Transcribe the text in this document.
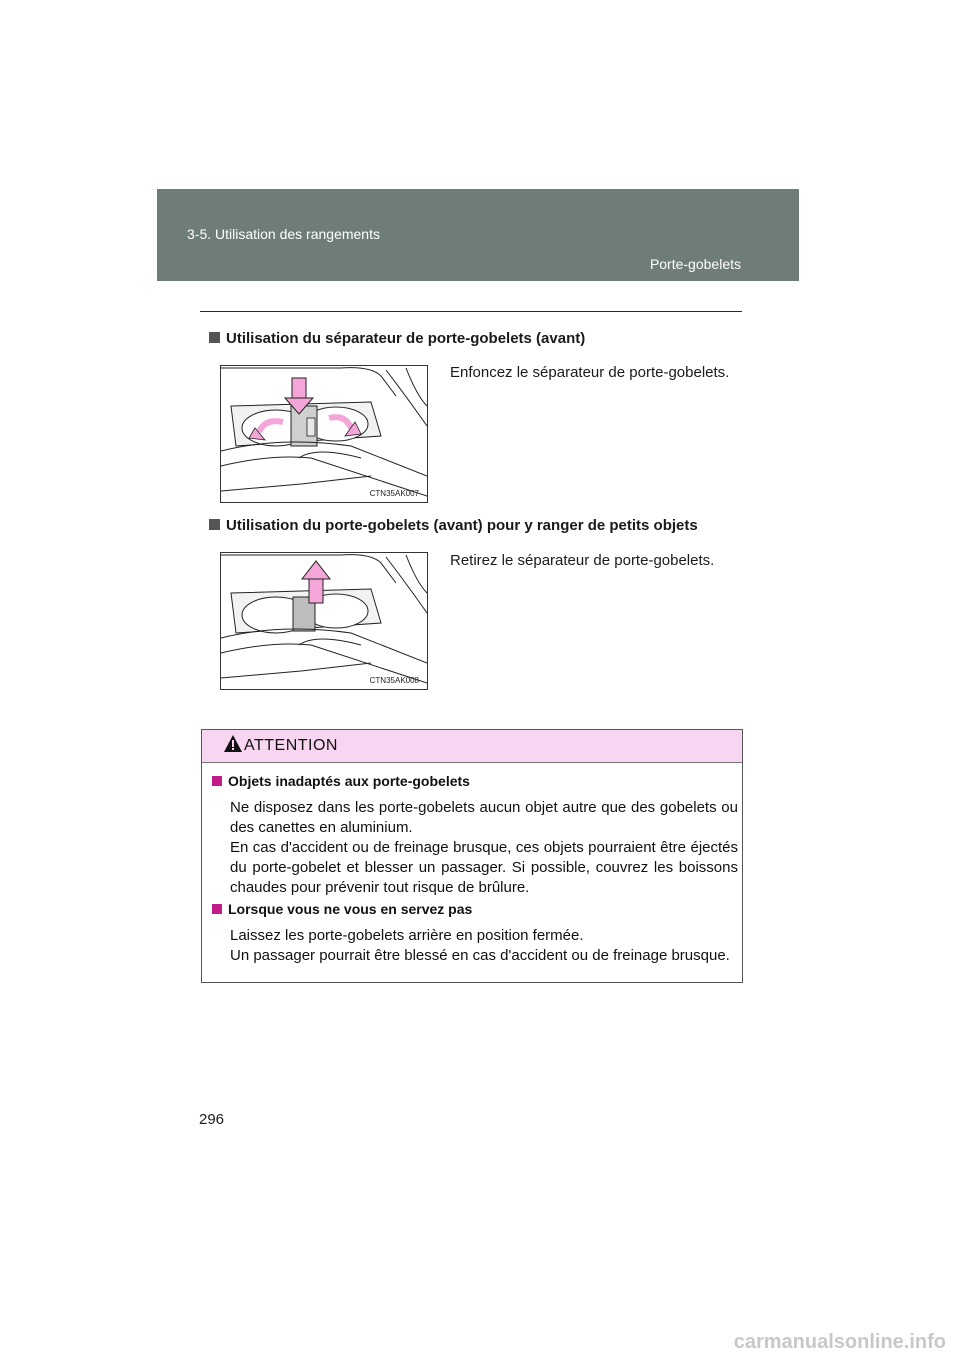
3-5. Utilisation des rangements
Porte-gobelets
Utilisation du séparateur de porte-gobelets (avant)
CTN35AK007
Enfoncez le séparateur de porte-gobelets.
Utilisation du porte-gobelets (avant) pour y ranger de petits objets
CTN35AK008
Retirez le séparateur de porte-gobelets.
ATTENTION
Objets inadaptés aux porte-gobelets

Ne disposez dans les porte-gobelets aucun objet autre que des gobelets ou des canettes en aluminium.

En cas d'accident ou de freinage brusque, ces objets pourraient être éjectés du porte-gobelet et blesser un passager. Si possible, couvrez les boissons chaudes pour prévenir tout risque de brûlure.

Lorsque vous ne vous en servez pas

Laissez les porte-gobelets arrière en position fermée.

Un passager pourrait être blessé en cas d'accident ou de freinage brusque.

296
carmanualsonline.info
